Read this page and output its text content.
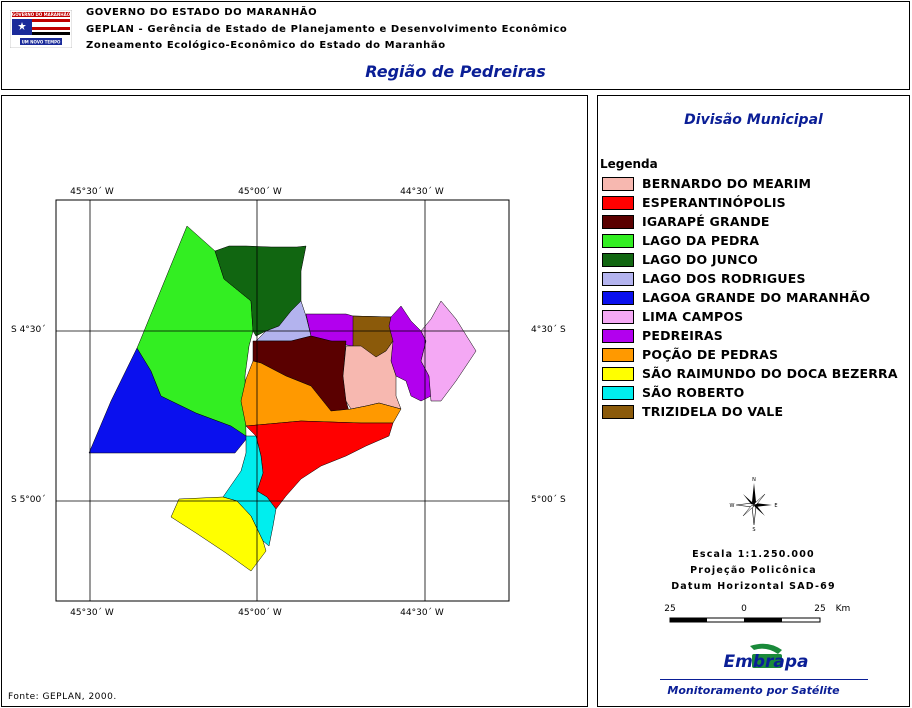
GOVERNO DO MARANHÃO
UM NOVO TEMPO
GOVERNO DO ESTADO DO MARANHÃO
GEPLAN - Gerência de Estado de Planejamento e Desenvolvimento Econômico
Zoneamento Ecológico-Econômico do Estado do Maranhão
Região de Pedreiras
45°30´ W	45°00´ W	44°30´ W
45°30´ W	45°00´ W	44°30´ W
S 4°30´
S 5°00´
4°30´ S
5°00´ S
Fonte: GEPLAN, 2000.
Divisão Municipal
Legenda
BERNARDO DO MEARIM
ESPERANTINÓPOLIS
IGARAPÉ GRANDE
LAGO DA PEDRA
LAGO DO JUNCO
LAGO DOS RODRIGUES
LAGOA GRANDE DO MARANHÃO
LIMA CAMPOS
PEDREIRAS
POÇÃO DE PEDRAS
SÃO RAIMUNDO DO DOCA BEZERRA
SÃO ROBERTO
TRIZIDELA DO VALE
N
S
W	E
Escala 1:1.250.000
Projeção Policônica
Datum Horizontal SAD-69
25	0	25 Km
Embrapa
Monitoramento por Satélite
